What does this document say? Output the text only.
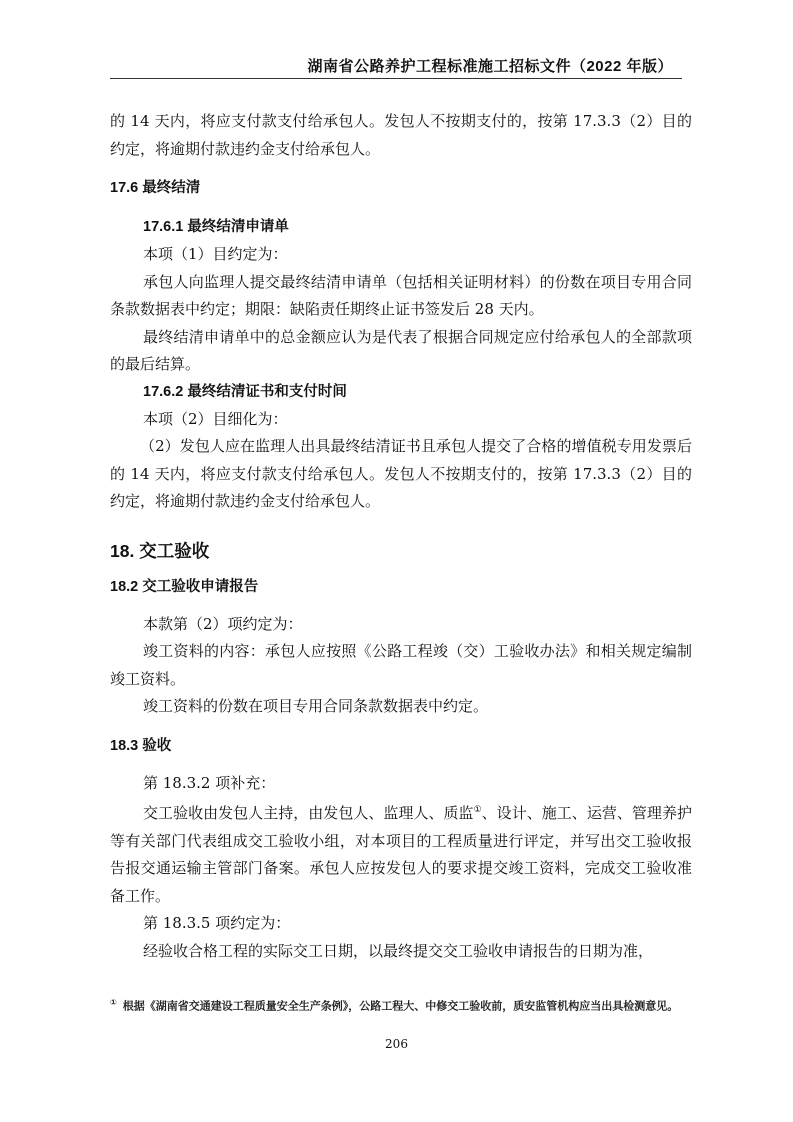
湖南省公路养护工程标准施工招标文件（2022 年版）

的 14 天内，将应支付款支付给承包人。发包人不按期支付的，按第 17.3.3（2）目的约定，将逾期付款违约金支付给承包人。

17.6 最终结清

17.6.1 最终结清申请单

本项（1）目约定为：

承包人向监理人提交最终结清申请单（包括相关证明材料）的份数在项目专用合同条款数据表中约定；期限：缺陷责任期终止证书签发后 28 天内。

最终结清申请单中的总金额应认为是代表了根据合同规定应付给承包人的全部款项的最后结算。

17.6.2 最终结清证书和支付时间

本项（2）目细化为：

（2）发包人应在监理人出具最终结清证书且承包人提交了合格的增值税专用发票后的 14 天内，将应支付款支付给承包人。发包人不按期支付的，按第 17.3.3（2）目的约定，将逾期付款违约金支付给承包人。

18. 交工验收

18.2 交工验收申请报告

本款第（2）项约定为：

竣工资料的内容：承包人应按照《公路工程竣（交）工验收办法》和相关规定编制竣工资料。

竣工资料的份数在项目专用合同条款数据表中约定。

18.3 验收

第 18.3.2 项补充：

交工验收由发包人主持，由发包人、监理人、质监①、设计、施工、运营、管理养护等有关部门代表组成交工验收小组，对本项目的工程质量进行评定，并写出交工验收报告报交通运输主管部门备案。承包人应按发包人的要求提交竣工资料，完成交工验收准备工作。

第 18.3.5 项约定为：

经验收合格工程的实际交工日期，以最终提交交工验收申请报告的日期为准，

① 根据《湖南省交通建设工程质量安全生产条例》，公路工程大、中修交工验收前，质安监管机构应当出具检测意见。
206
